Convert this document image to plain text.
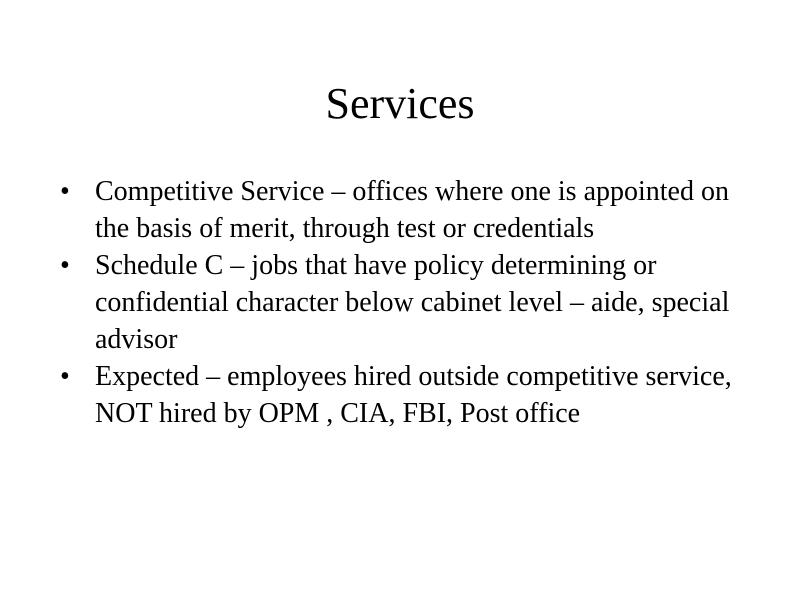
Services
• Competitive Service – offices where one is appointed on the basis of merit, through test or credentials
• Schedule C – jobs that have policy determining or confidential character below cabinet level – aide, special advisor
• Expected – employees hired outside competitive service, NOT hired by OPM , CIA, FBI, Post office
